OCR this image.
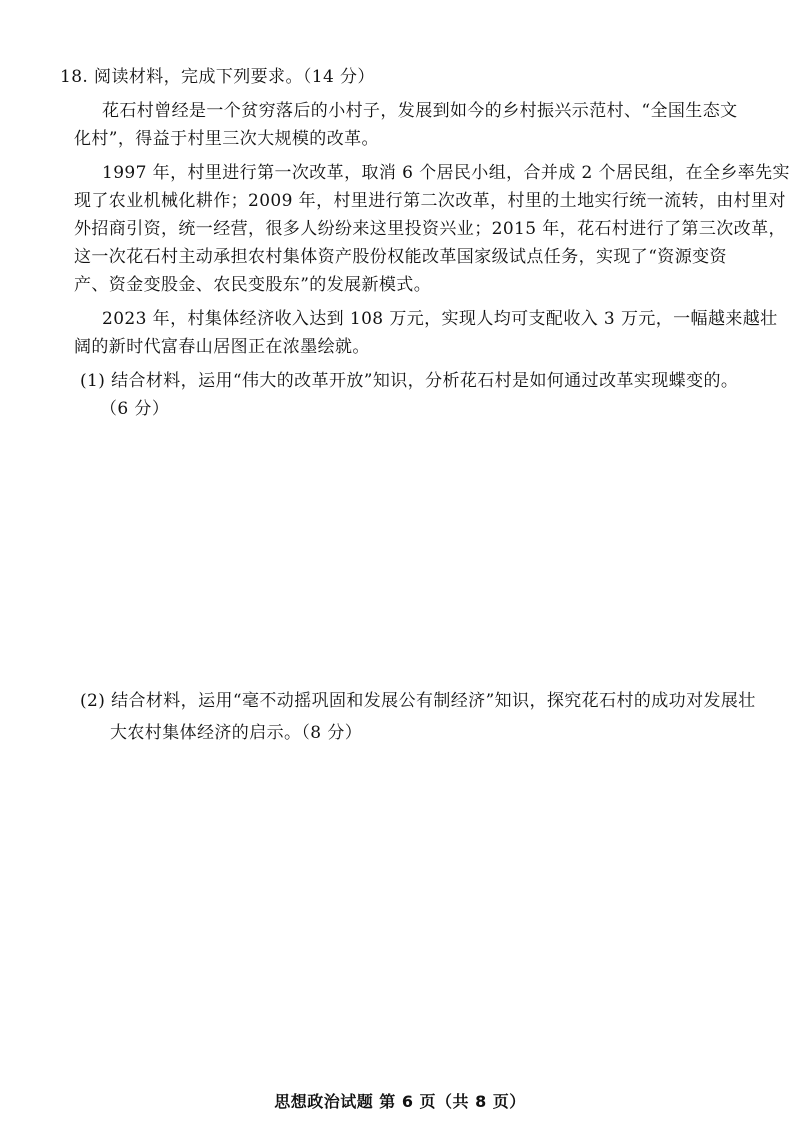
18. 阅读材料，完成下列要求。（14 分）
花石村曾经是一个贫穷落后的小村子，发展到如今的乡村振兴示范村、“全国生态文
化村”，得益于村里三次大规模的改革。
1997 年，村里进行第一次改革，取消 6 个居民小组，合并成 2 个居民组，在全乡率先实
现了农业机械化耕作；2009 年，村里进行第二次改革，村里的土地实行统一流转，由村里对
外招商引资，统一经营，很多人纷纷来这里投资兴业；2015 年，花石村进行了第三次改革，
这一次花石村主动承担农村集体资产股份权能改革国家级试点任务，实现了“资源变资
产、资金变股金、农民变股东”的发展新模式。
2023 年，村集体经济收入达到 108 万元，实现人均可支配收入 3 万元，一幅越来越壮
阔的新时代富春山居图正在浓墨绘就。
(1) 结合材料，运用“伟大的改革开放”知识，分析花石村是如何通过改革实现蝶变的。
（6 分）
(2) 结合材料，运用“毫不动摇巩固和发展公有制经济”知识，探究花石村的成功对发展壮
大农村集体经济的启示。（8 分）
思想政治试题 第 6 页（共 8 页）
